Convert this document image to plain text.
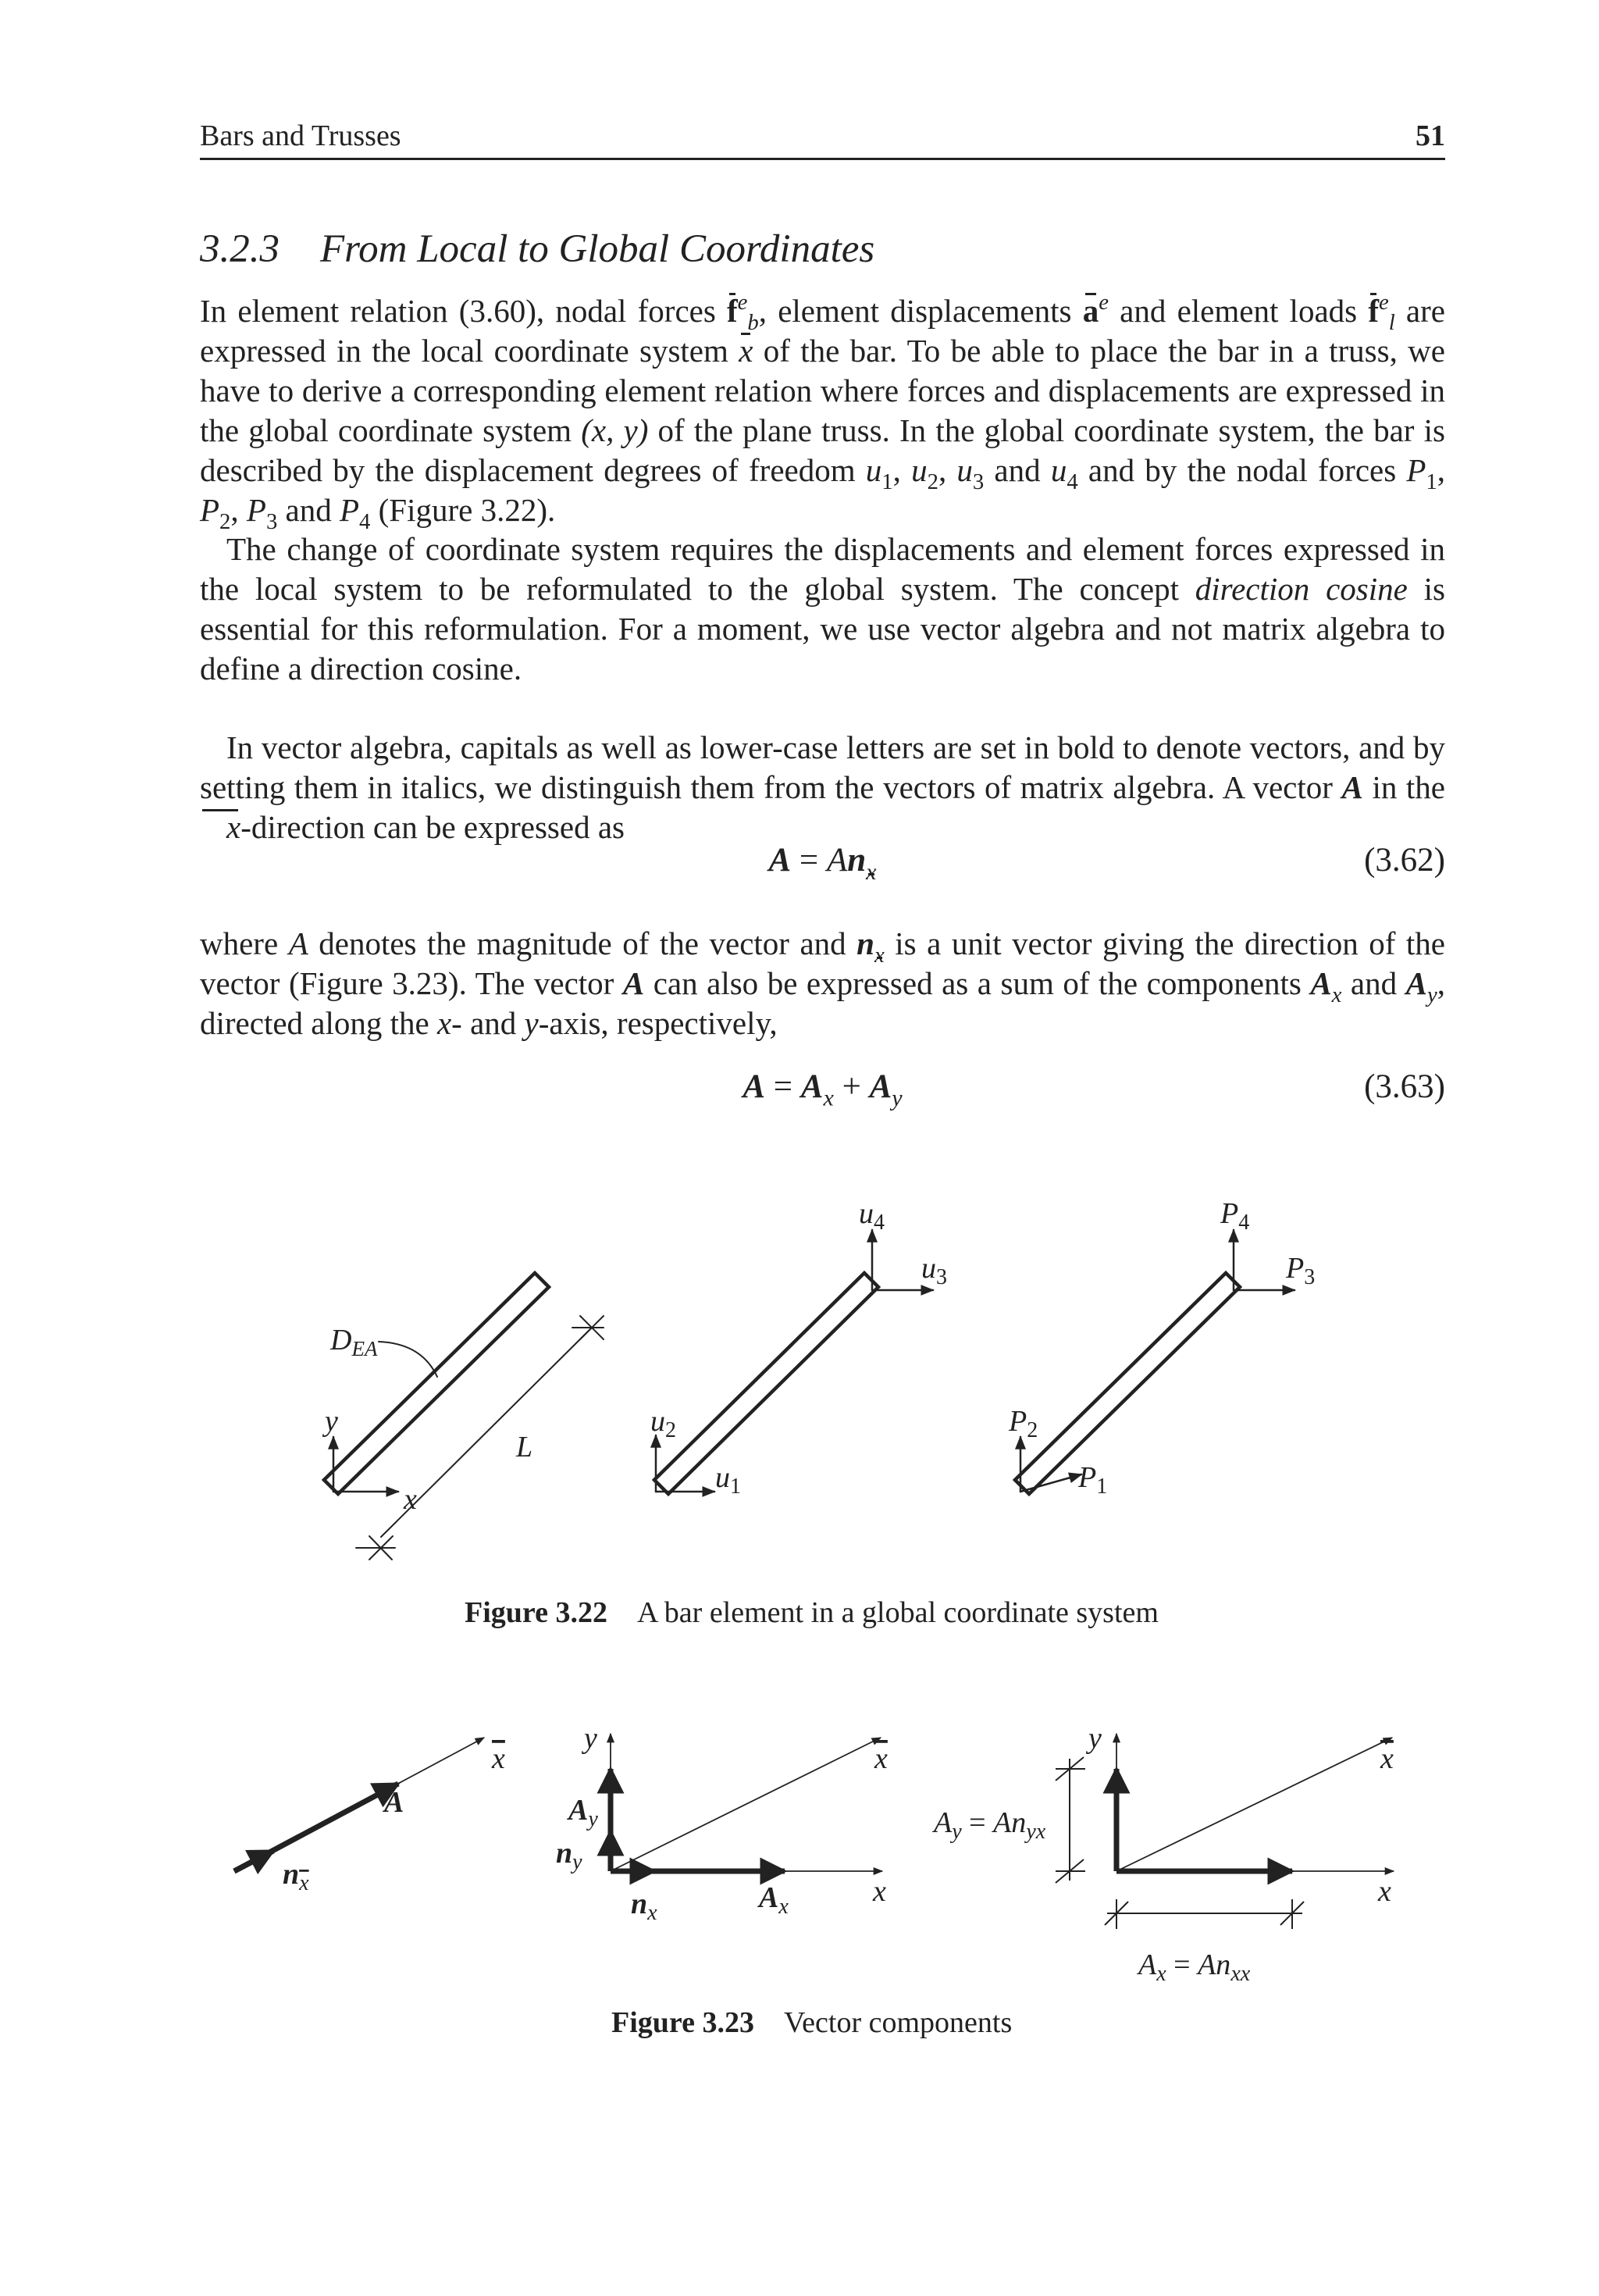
Bars and Trusses	51
3.2.3 From Local to Global Coordinates

In element relation (3.60), nodal forces $f^e_b$, element displacements $a^e$ and element loads $f^e_l$ are expressed in the local coordinate system x of the bar. To be able to place the bar in a truss, we have to derive a corresponding element relation where forces and displacements are expressed in the global coordinate system (x, y) of the plane truss. In the global coordinate system, the bar is described by the displacement degrees of freedom $u_1$, $u_2$, $u_3$ and $u_4$ and by the nodal forces $P_1$, $P_2$, $P_3$ and $P_4$ (Figure 3.22).

The change of coordinate system requires the displacements and element forces expressed in the local system to be reformulated to the global system. The concept direction cosine is essential for this reformulation. For a moment, we use vector algebra and not matrix algebra to define a direction cosine.

In vector algebra, capitals as well as lower-case letters are set in bold to denote vectors, and by setting them in italics, we distinguish them from the vectors of matrix algebra. A vector A in the x-direction can be expressed as

$A = An_x$	(3.62)

where A denotes the magnitude of the vector and $n_x$ is a unit vector giving the direction of the vector (Figure 3.23). The vector A can also be expressed as a sum of the components $A_x$ and $A_y$, directed along the x- and y-axis, respectively,

$A = A_x + A_y$	(3.63)
$D_{EA}$
y
x
L
$u_2$
$u_1$
$u_4$
$u_3$
$P_2$
$P_1$
$P_4$
$P_3$
x
A
$n_x$
y
x
x
$A_y$
$n_y$
$n_x$	$A_x$
y
x
x
$A_y = An_{yx}$
$A_x = An_{xx}$
Figure 3.22 A bar element in a global coordinate system
Figure 3.23 Vector components
